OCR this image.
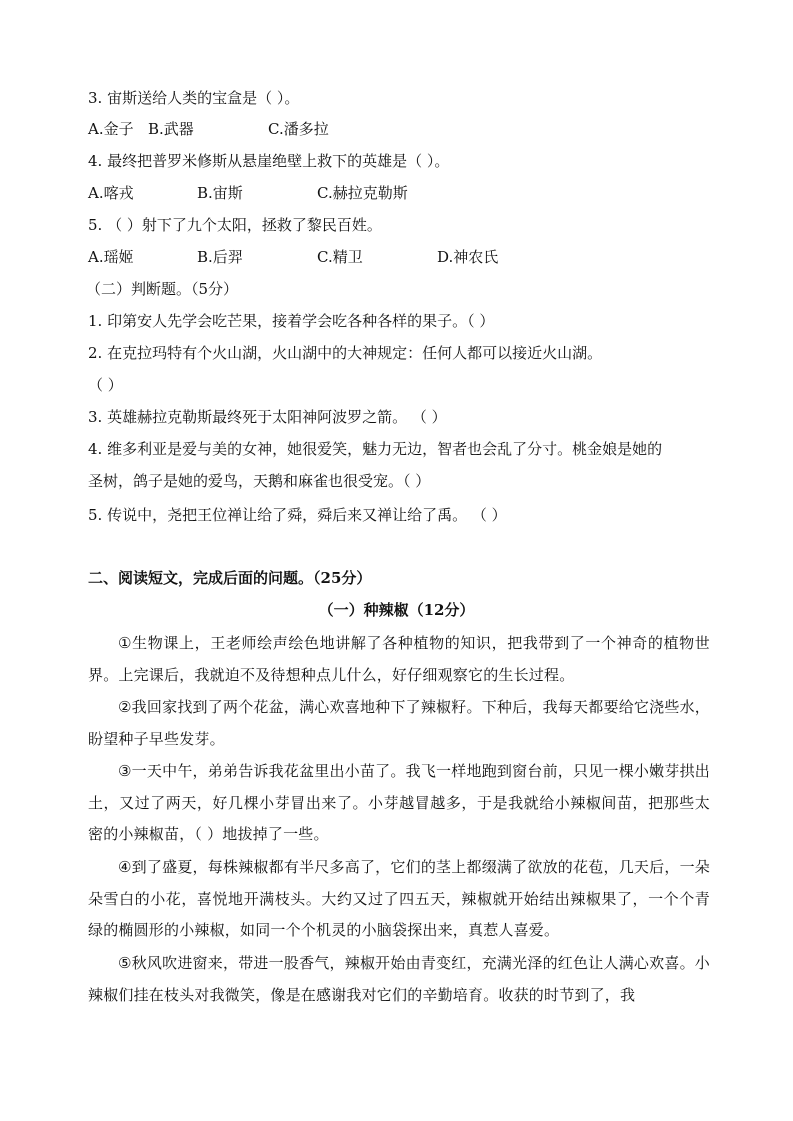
3. 宙斯送给人类的宝盒是（ ）。
A.金子 B.武器	C.潘多拉
4. 最终把普罗米修斯从悬崖绝壁上救下的英雄是（ ）。
A.喀戎	B.宙斯	C.赫拉克勒斯
5. （ ）射下了九个太阳，拯救了黎民百姓。
A.瑶姬	B.后羿	C.精卫	D.神农氏
（二）判断题。（5分）
1. 印第安人先学会吃芒果，接着学会吃各种各样的果子。（ ）
2. 在克拉玛特有个火山湖，火山湖中的大神规定：任何人都可以接近火山湖。
（ ）
3. 英雄赫拉克勒斯最终死于太阳神阿波罗之箭。 （ ）
4. 维多利亚是爱与美的女神，她很爱笑，魅力无边，智者也会乱了分寸。桃金娘是她的
圣树，鸽子是她的爱鸟，天鹅和麻雀也很受宠。（ ）
5. 传说中，尧把王位禅让给了舜，舜后来又禅让给了禹。 （ ）
二、阅读短文，完成后面的问题。（25分）
（一）种辣椒（12分）
①生物课上，王老师绘声绘色地讲解了各种植物的知识，把我带到了一个神奇的植物世界。上完课后，我就迫不及待想种点儿什么，好仔细观察它的生长过程。
②我回家找到了两个花盆，满心欢喜地种下了辣椒籽。下种后，我每天都要给它浇些水，盼望种子早些发芽。
③一天中午，弟弟告诉我花盆里出小苗了。我飞一样地跑到窗台前，只见一棵小嫩芽拱出土，又过了两天，好几棵小芽冒出来了。小芽越冒越多，于是我就给小辣椒间苗，把那些太密的小辣椒苗，（ ）地拔掉了一些。
④到了盛夏，每株辣椒都有半尺多高了，它们的茎上都缀满了欲放的花苞，几天后，一朵朵雪白的小花，喜悦地开满枝头。大约又过了四五天，辣椒就开始结出辣椒果了，一个个青绿的椭圆形的小辣椒，如同一个个机灵的小脑袋探出来，真惹人喜爱。
⑤秋风吹进窗来，带进一股香气，辣椒开始由青变红，充满光泽的红色让人满心欢喜。小辣椒们挂在枝头对我微笑，像是在感谢我对它们的辛勤培育。收获的时节到了，我
